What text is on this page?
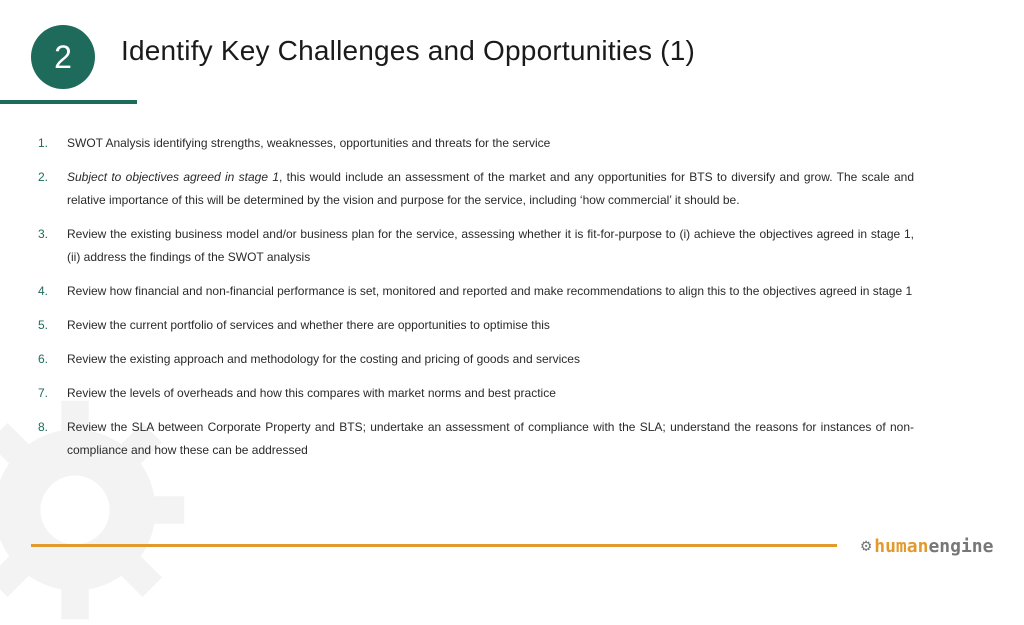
2	Identify Key Challenges and Opportunities (1)
1.	SWOT Analysis identifying strengths, weaknesses, opportunities and threats for the service
2.	Subject to objectives agreed in stage 1, this would include an assessment of the market and any opportunities for BTS to diversify and grow. The scale and relative importance of this will be determined by the vision and purpose for the service, including ‘how commercial’ it should be.
3.	Review the existing business model and/or business plan for the service, assessing whether it is fit-for-purpose to (i) achieve the objectives agreed in stage 1, (ii) address the findings of the SWOT analysis
4.	Review how financial and non-financial performance is set, monitored and reported and make recommendations to align this to the objectives agreed in stage 1
5.	Review the current portfolio of services and whether there are opportunities to optimise this
6.	Review the existing approach and methodology for the costing and pricing of goods and services
7.	Review the levels of overheads and how this compares with market norms and best practice
8.	Review the SLA between Corporate Property and BTS; undertake an assessment of compliance with the SLA; understand the reasons for instances of non-compliance and how these can be addressed
⚙ human engine
